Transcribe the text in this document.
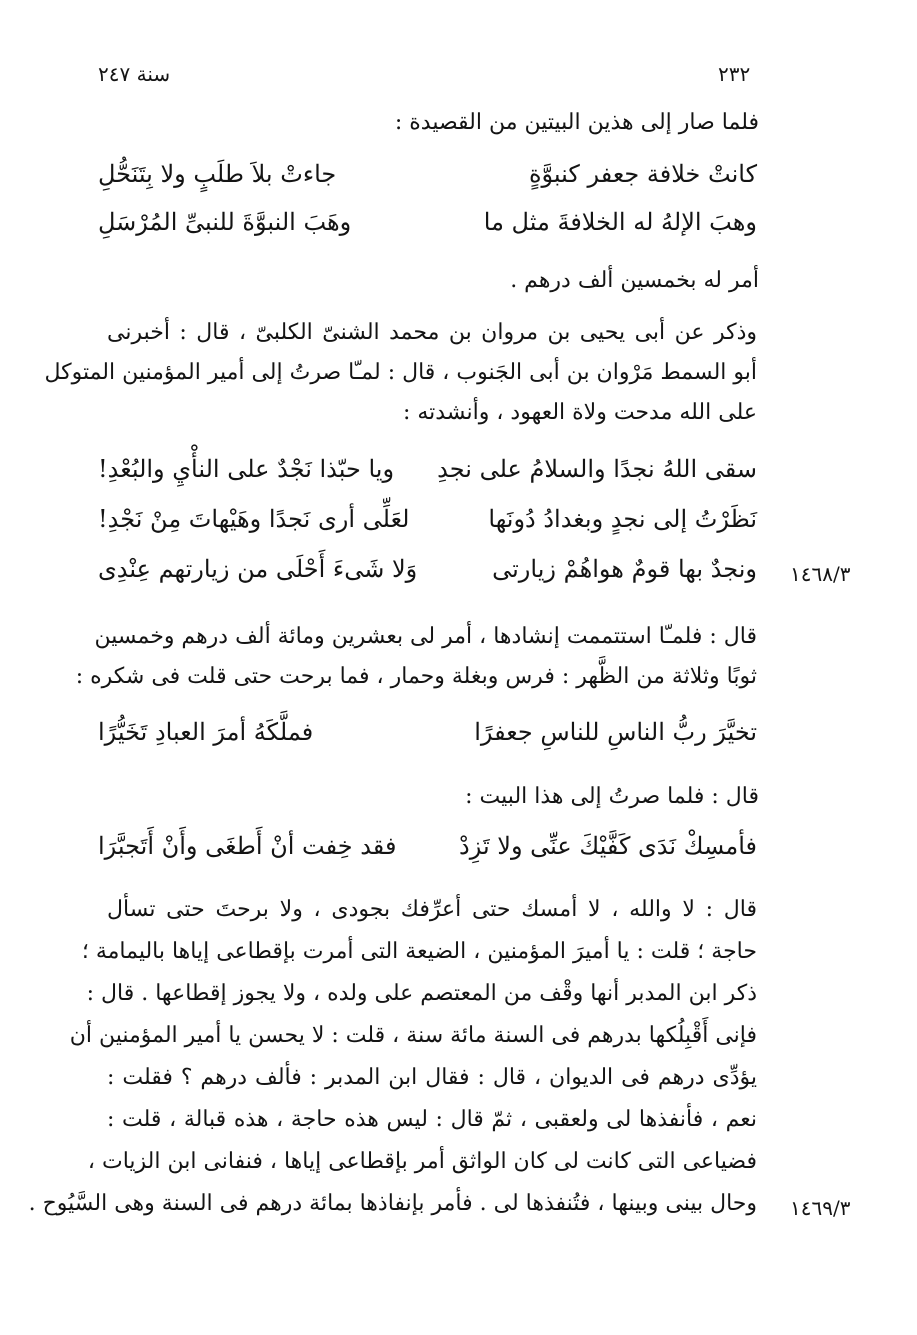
سنة ٢٤٧	٢٣٢
فلما صار إلى هذين البيتين من القصيدة :
كانتْ خلافة جعفر كنبوَّةٍ
جاءتْ بلاَ طلَبٍ ولا بِتَنَحُّلِ
وهبَ الإلهُ له الخلافةَ مثل ما
وهَبَ النبوَّةَ للنبىِّ المُرْسَلِ
أمر له بخمسين ألف درهم .
وذكر عن أبى يحيى بن مروان بن محمد الشنىّ الكلبىّ ، قال : أخبرنى
أبو السمط مَرْوان بن أبى الجَنوب ، قال : لمـّا صرتُ إلى أمير المؤمنين المتوكل
على الله مدحت ولاة العهود ، وأنشدته :
سقى اللهُ نجدًا والسلامُ على نجدِ
ويا حبّذا نَجْدٌ على النأْيِ والبُعْدِ!
نَظَرْتُ إلى نجدٍ وبغدادُ دُونَها
لعَلِّى أرى نَجدًا وهَيْهاتَ مِنْ نَجْدِ!
ونجدٌ بها قومٌ هواهُمْ زيارتى
وَلا شَىءَ أَحْلَى من زيارتهم عِنْدِى	١٤٦٨/٣
قال : فلمـّا استتممت إنشادها ، أمر لى بعشرين ومائة ألف درهم وخمسين
ثوبًا وثلاثة من الظَّهر : فرس وبغلة وحمار ، فما برحت حتى قلت فى شكره :
تخيَّرَ ربُّ الناسِ للناسِ جعفرًا
فملَّكَهُ أمرَ العبادِ تَخَيُّرًا
قال : فلما صرتُ إلى هذا البيت :
فأمسِكْ نَدَى كَفَّيْكَ عنِّى ولا تَزِدْ
فقد خِفت أنْ أَطغَى وأَنْ أَتَجبَّرَا
قال : لا والله ، لا أمسك حتى أعرِّفك بجودى ، ولا برحتَ حتى تسأل
حاجة ؛ قلت : يا أميرَ المؤمنين ، الضيعة التى أمرت بإقطاعى إياها باليمامة ؛
ذكر ابن المدبر أنها وقْف من المعتصم على ولده ، ولا يجوز إقطاعها . قال :
فإنى أَقْبِلُكها بدرهم فى السنة مائة سنة ، قلت : لا يحسن يا أمير المؤمنين أن
يؤدِّى درهم فى الديوان ، قال : فقال ابن المدبر : فألف درهم ؟ فقلت :
نعم ، فأنفذها لى ولعقبى ، ثمّ قال : ليس هذه حاجة ، هذه قبالة ، قلت :
فضياعى التى كانت لى كان الواثق أمر بإقطاعى إياها ، فنفانى ابن الزيات ،
وحال بينى وبينها ، فتُنفذها لى . فأمر بإنفاذها بمائة درهم فى السنة وهى السَّيُوح . ١٤٦٩/٣
